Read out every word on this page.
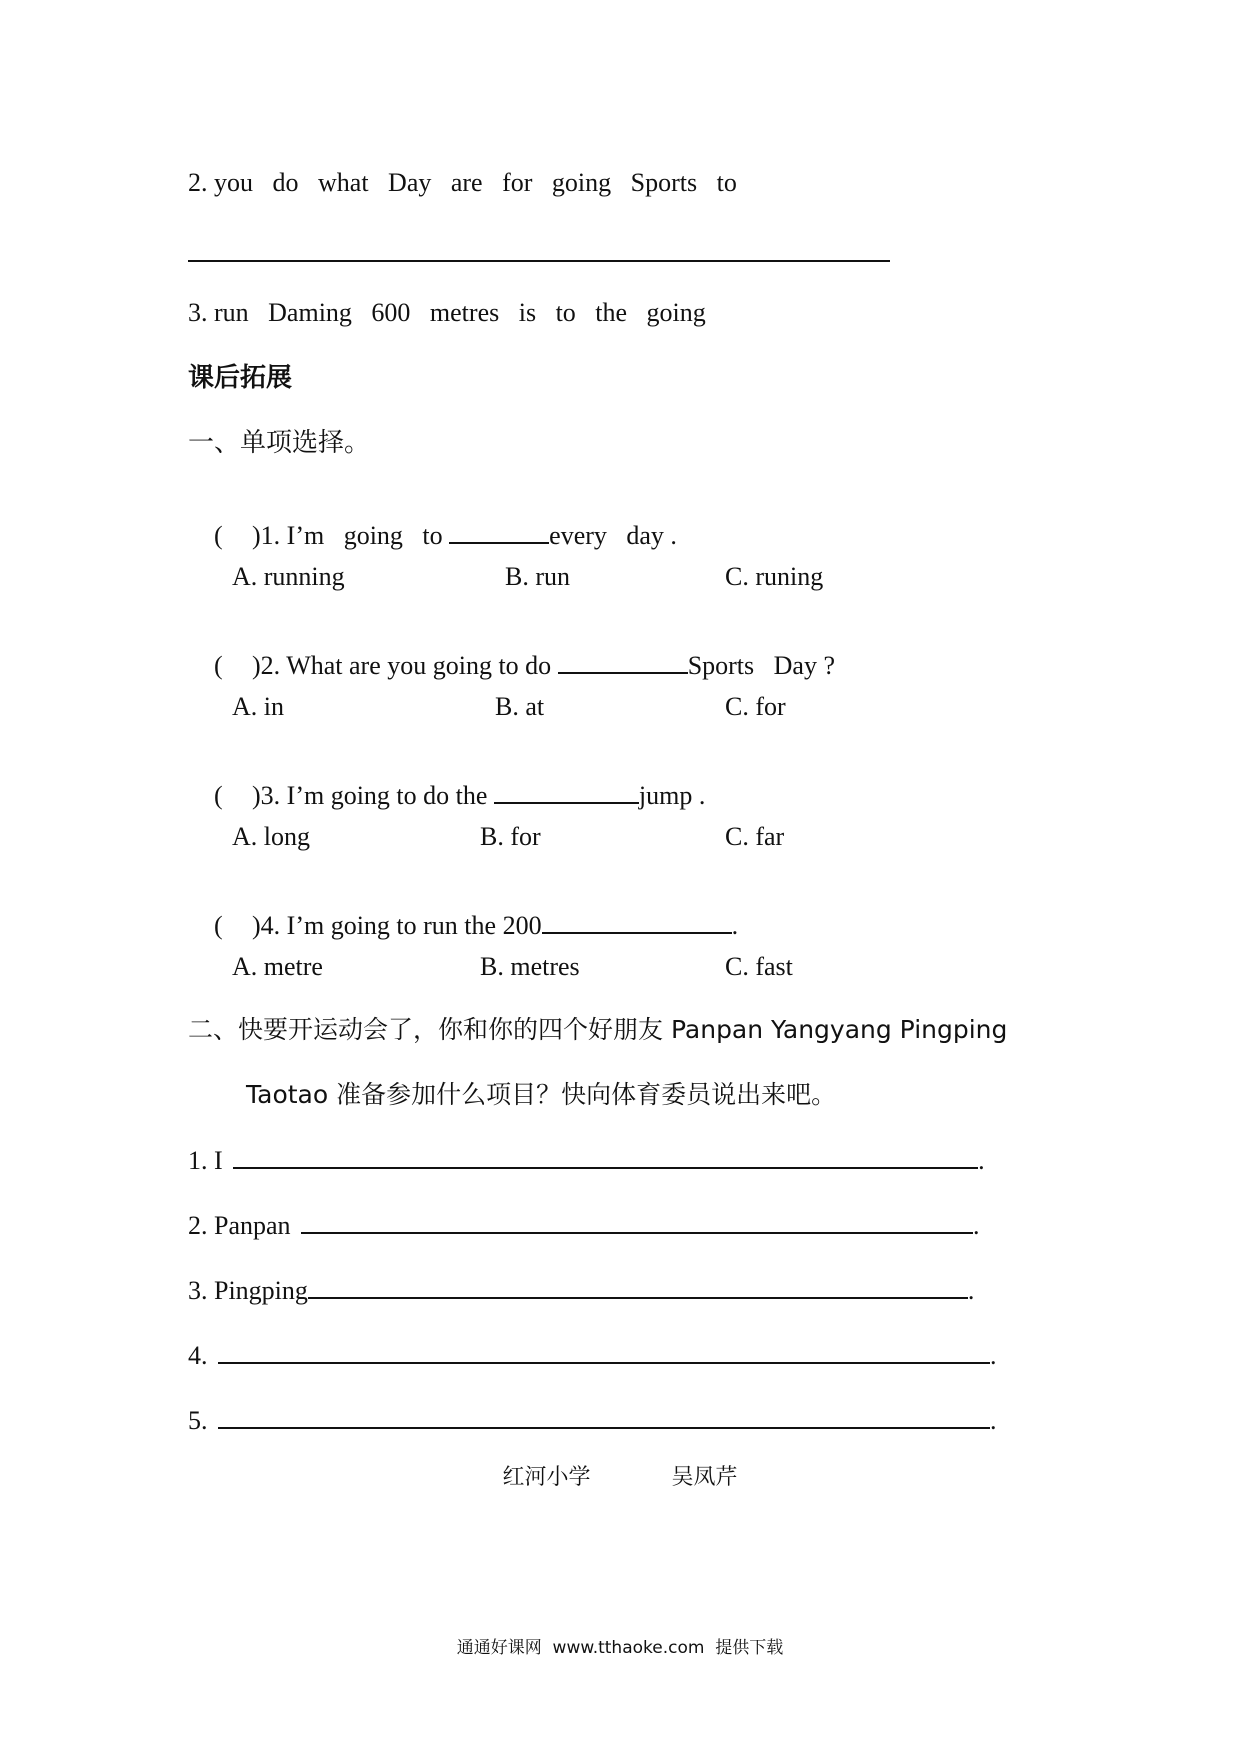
2. you   do   what   Day   are   for   going   Sports   to
3. run   Daming   600   metres   is   to   the   going
课后拓展
一、单项选择。

( )1. I’m   going   to	every   day .

A. running	B. run	C. runing

( )2. What are you going to do	Sports   Day ?

A. in	B. at	C. for

( )3. I’m going to do the	jump .

A. long	B. for	C. far

( )4. I’m going to run the 200	.

A. metre	B. metres	C. fast
二、快要开运动会了，你和你的四个好朋友 Panpan Yangyang Pingping
Taotao 准备参加什么项目？快向体育委员说出来吧。
1. I	.
2. Panpan	.
3. Pingping	.
4.	.
5.	.
红河小学   吴凤芹
通通好课网  www.tthaoke.com  提供下载
